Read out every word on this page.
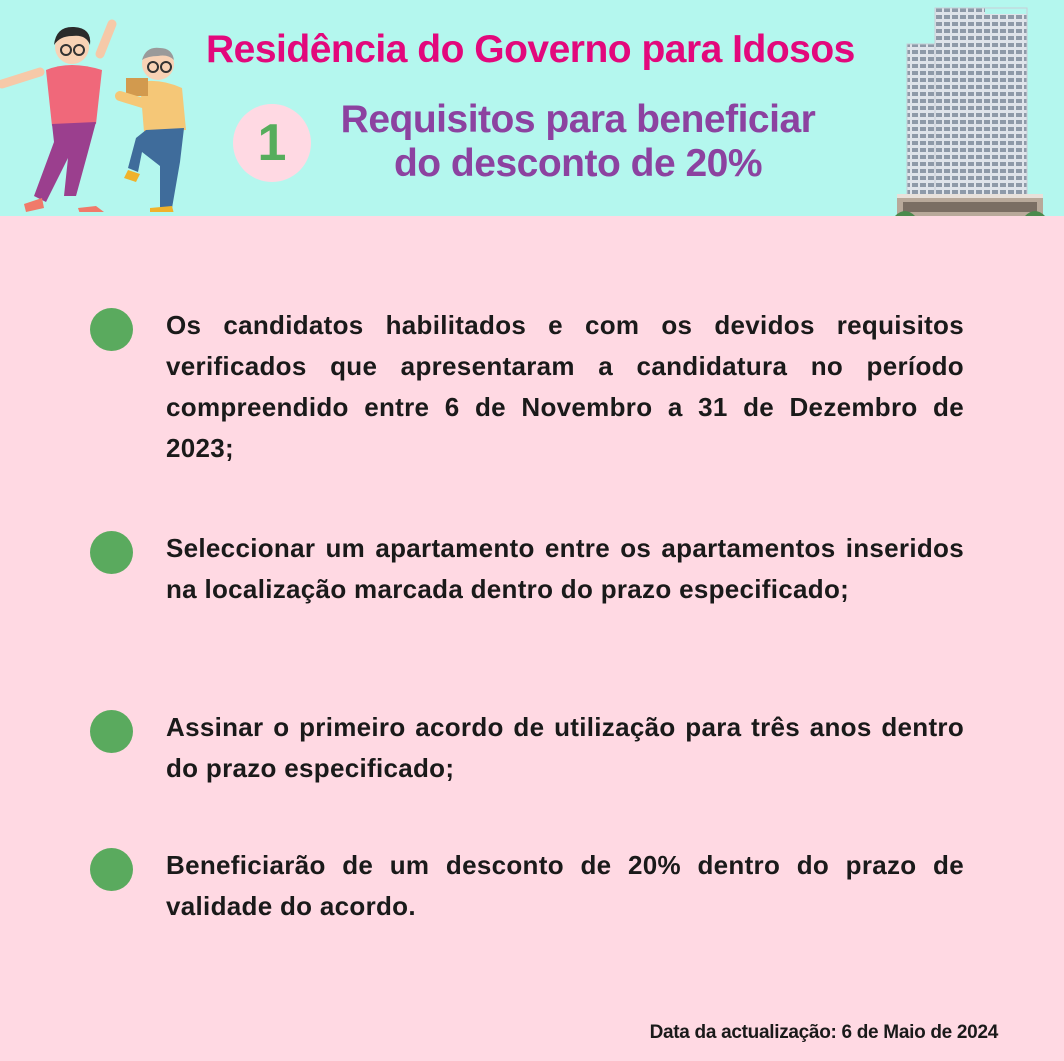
Residência do Governo para Idosos
1	Requisitos para beneficiar
do desconto de 20%

Os candidatos habilitados e com os devidos requisitos verificados que apresentaram a candidatura no período compreendido entre 6 de Novembro a 31 de Dezembro de 2023;

Seleccionar um apartamento entre os apartamentos inseridos na localização marcada dentro do prazo especificado;

Assinar o primeiro acordo de utilização para três anos dentro do prazo especificado;

Beneficiarão de um desconto de 20% dentro do prazo de validade do acordo.

Data da actualização: 6 de Maio de 2024
